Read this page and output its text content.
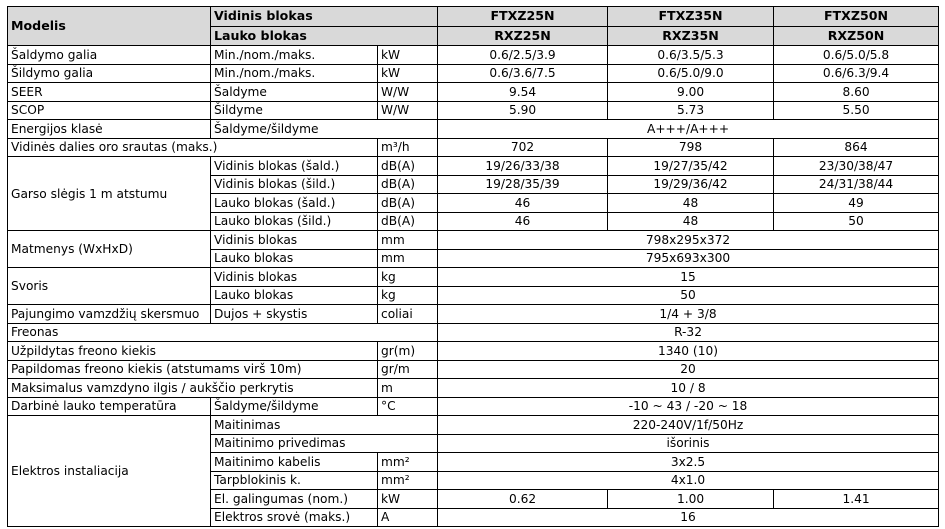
Modelis	Vidinis blokas		FTXZ25N	FTXZ35N	FTXZ50N
	Lauko blokas		RXZ25N	RXZ35N	RXZ50N
Šaldymo galia	Min./nom./maks.	kW	0.6/2.5/3.9	0.6/3.5/5.3	0.6/5.0/5.8
Šildymo galia	Min./nom./maks.	kW	0.6/3.6/7.5	0.6/5.0/9.0	0.6/6.3/9.4
SEER	Šaldyme	W/W	9.54	9.00	8.60
SCOP	Šildyme	W/W	5.90	5.73	5.50
Energijos klasė	Šaldyme/šildyme		A+++/A+++		
Vidinės dalies oro srautas (maks.)		m³/h	702	798	864
Garso slėgis 1 m atstumu	Vidinis blokas (šald.)	dB(A)	19/26/33/38	19/27/35/42	23/30/38/47
	Vidinis blokas (šild.)	dB(A)	19/28/35/39	19/29/36/42	24/31/38/44
	Lauko blokas (šald.)	dB(A)	46	48	49
	Lauko blokas (šild.)	dB(A)	46	48	50
Matmenys (WxHxD)	Vidinis blokas	mm	798x295x372		
	Lauko blokas	mm	795x693x300		
Svoris	Vidinis blokas	kg	15		
	Lauko blokas	kg	50		
Pajungimo vamzdžių skersmuo	Dujos + skystis	coliai	1/4 + 3/8		
Freonas			R-32		
Užpildytas freono kiekis		gr(m)	1340 (10)		
Papildomas freono kiekis (atstumams virš 10m)		gr/m	20		
Maksimalus vamzdyno ilgis / aukščio perkrytis		m	10 / 8		
Darbinė lauko temperatūra	Šaldyme/šildyme	°C	-10 ~ 43 / -20 ~ 18		
Elektros instaliacija	Maitinimas		220-240V/1f/50Hz		
	Maitinimo privedimas		išorinis		
	Maitinimo kabelis	mm²	3x2.5		
	Tarpblokinis k.	mm²	4x1.0		
	El. galingumas (nom.)	kW	0.62	1.00	1.41
	Elektros srovė (maks.)	A	16		
